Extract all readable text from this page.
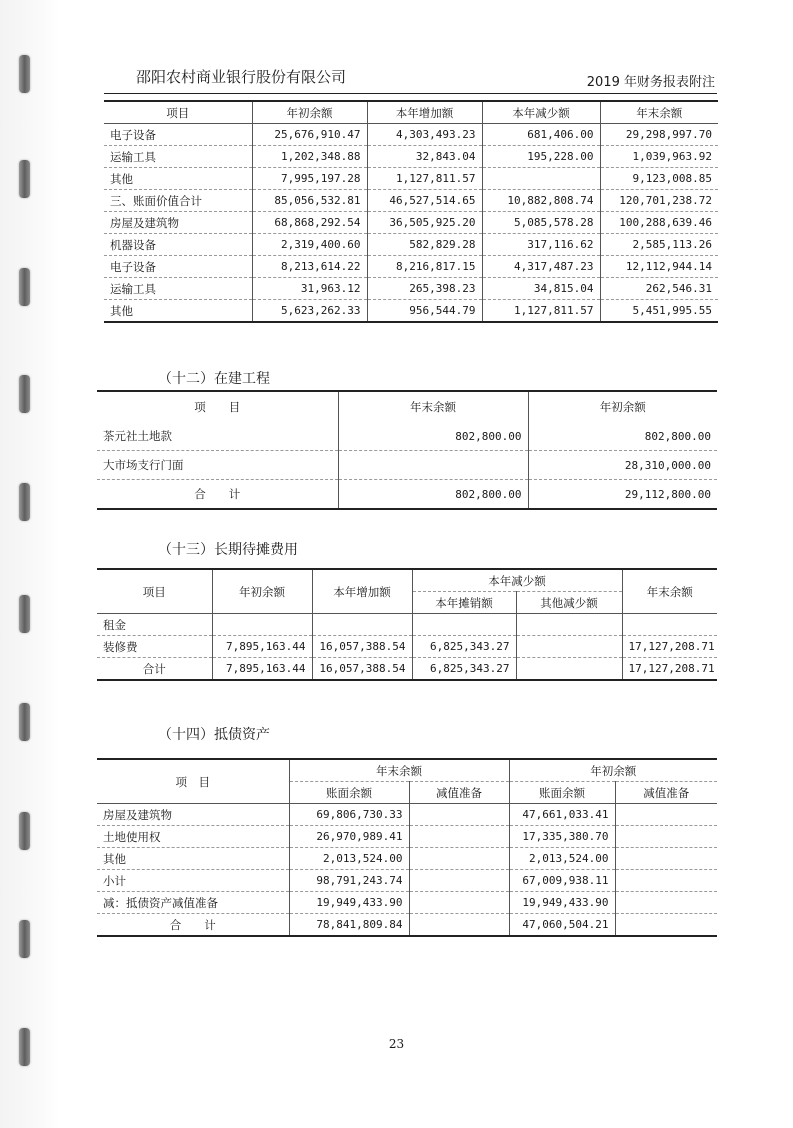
邵阳农村商业银行股份有限公司	2019 年财务报表附注
项目	年初余额	本年增加额	本年减少额	年末余额
电子设备	25,676,910.47	4,303,493.23	681,406.00	29,298,997.70
运输工具	1,202,348.88	32,843.04	195,228.00	1,039,963.92
其他	7,995,197.28	1,127,811.57		9,123,008.85
三、账面价值合计	85,056,532.81	46,527,514.65	10,882,808.74	120,701,238.72
房屋及建筑物	68,868,292.54	36,505,925.20	5,085,578.28	100,288,639.46
机器设备	2,319,400.60	582,829.28	317,116.62	2,585,113.26
电子设备	8,213,614.22	8,216,817.15	4,317,487.23	12,112,944.14
运输工具	31,963.12	265,398.23	34,815.04	262,546.31
其他	5,623,262.33	956,544.79	1,127,811.57	5,451,995.55
（十二）在建工程
项　　目	年末余额	年初余额
茶元社土地款	802,800.00	802,800.00
大市场支行门面		28,310,000.00
合　　计	802,800.00	29,112,800.00
（十三）长期待摊费用
项目	年初余额	本年增加额	本年减少额		年末余额
			本年摊销额	其他减少额	
租金					
装修费	7,895,163.44	16,057,388.54	6,825,343.27		17,127,208.71
合计	7,895,163.44	16,057,388.54	6,825,343.27		17,127,208.71
（十四）抵债资产
项　目	年末余额		年初余额	
	账面余额	减值准备	账面余额	减值准备
房屋及建筑物	69,806,730.33		47,661,033.41	
土地使用权	26,970,989.41		17,335,380.70	
其他	2,013,524.00		2,013,524.00	
小计	98,791,243.74		67,009,938.11	
减：抵债资产减值准备	19,949,433.90		19,949,433.90	
合　　计	78,841,809.84		47,060,504.21	
23
